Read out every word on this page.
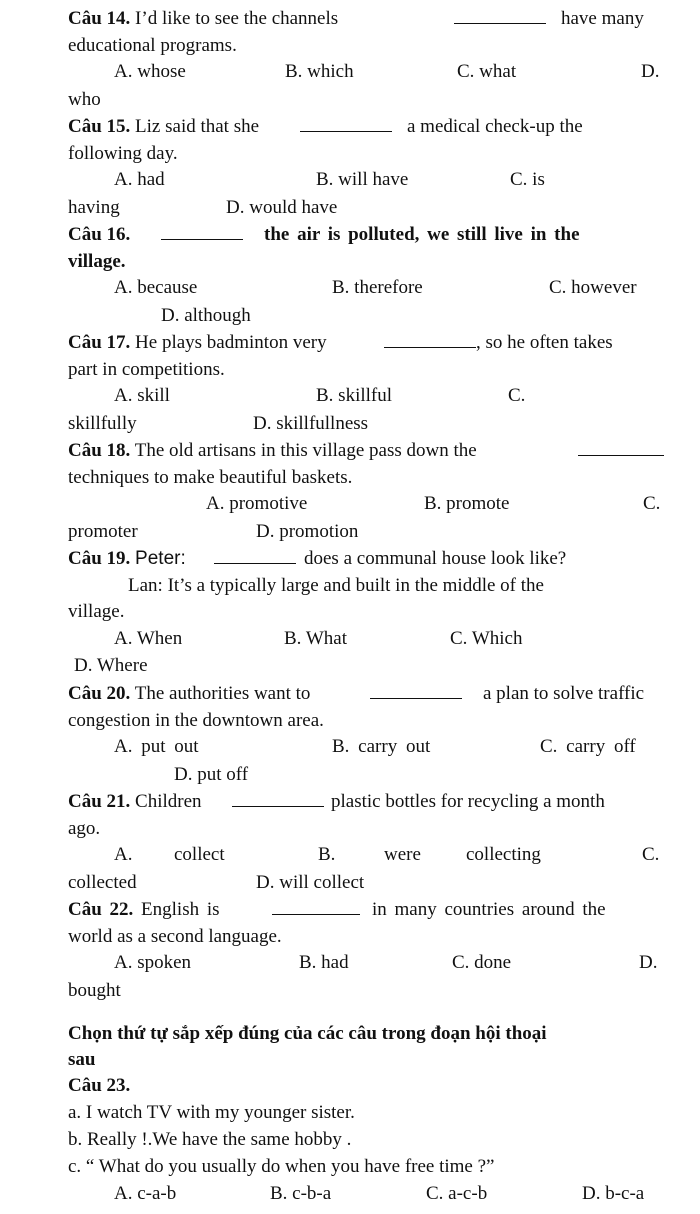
Câu 14. I’d like to see the channels	have many
educational programs.
A. whose	B. which	C. what	D.
who
Câu 15. Liz said that she	a medical check-up the
following day.
A. had	B. will have	C. is
having	D. would have
Câu 16.	the air is polluted, we still live in the
village.
A. because	B. therefore	C. however
D. although
Câu 17. He plays badminton very	, so he often takes
part in competitions.
A. skill	B. skillful	C.
skillfully	D. skillfullness
Câu 18. The old artisans in this village pass down the
techniques to make beautiful baskets.
A. promotive	B. promote	C.
promoter	D. promotion
Câu 19. Peter:	does a communal house look like?
Lan: It’s a typically large and built in the middle of the
village.
A. When	B. What	C. Which
D. Where
Câu 20. The authorities want to	a plan to solve traffic
congestion in the downtown area.
A. put out	B. carry out	C. carry off
D. put off
Câu 21. Children	plastic bottles for recycling a month
ago.
A. collect	B.	were collecting	C.
collected	D. will collect
Câu 22. English is	in many countries around the
world as a second language.
A. spoken	B. had	C. done	D.
bought
Chọn thứ tự sắp xếp đúng của các câu trong đoạn hội thoại
sau
Câu 23.
a. I watch TV with my younger sister.
b. Really !.We have the same hobby .
c. “ What do you usually do when you have free time ?”
A. c-a-b	B. c-b-a	C. a-c-b	D. b-c-a
